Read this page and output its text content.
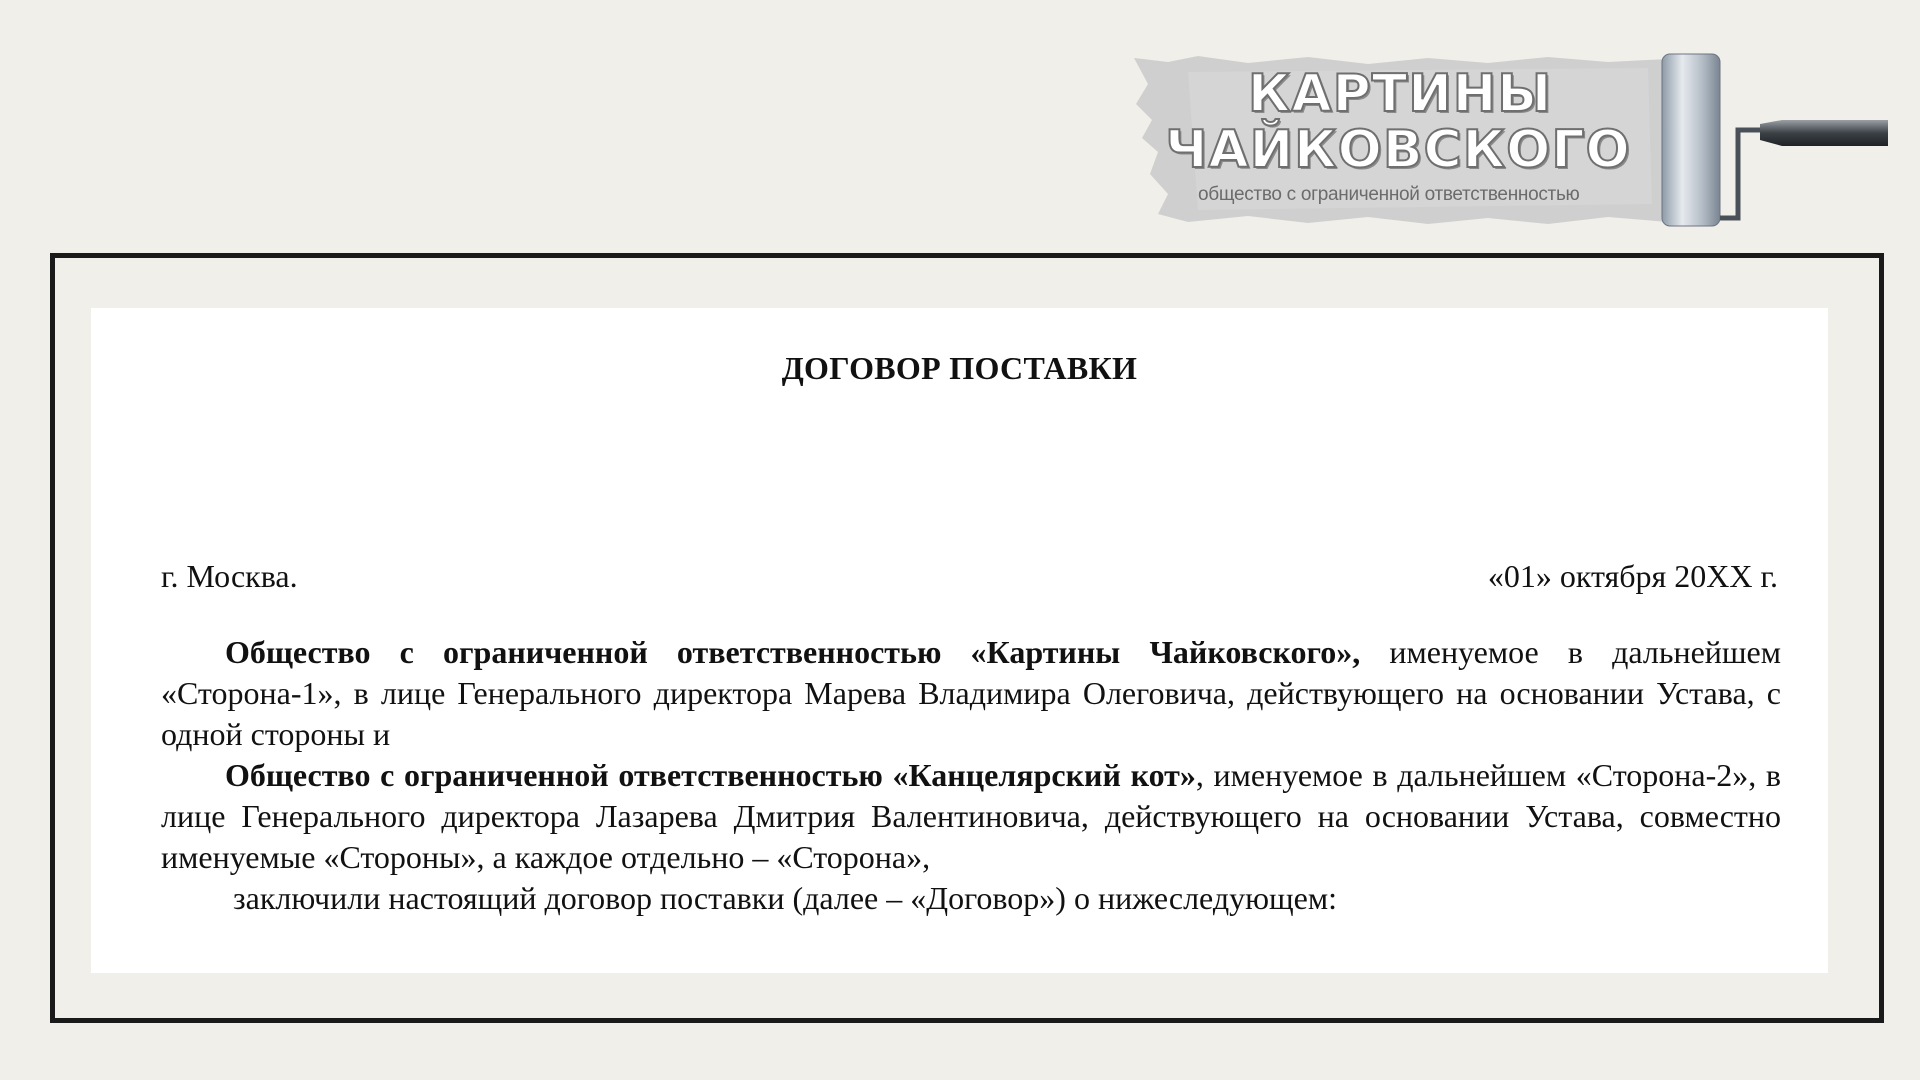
КАРТИНЫ
ЧАЙКОВСКОГО
общество с ограниченной ответственностью
ДОГОВОР ПОСТАВКИ
г. Москва.	«01» октября 20XX г.

Общество с ограниченной ответственностью «Картины Чайковского», именуемое в дальнейшем «Сторона-1», в лице Генерального директора Марева Владимира Олеговича, действующего на основании Устава, с одной стороны и

Общество с ограниченной ответственностью «Канцелярский кот», именуемое в дальнейшем «Сторона-2», в лице Генерального директора Лазарева Дмитрия Валентиновича, действующего на основании Устава, совместно именуемые «Стороны», а каждое отдельно – «Сторона»,

заключили настоящий договор поставки (далее – «Договор») о нижеследующем:
